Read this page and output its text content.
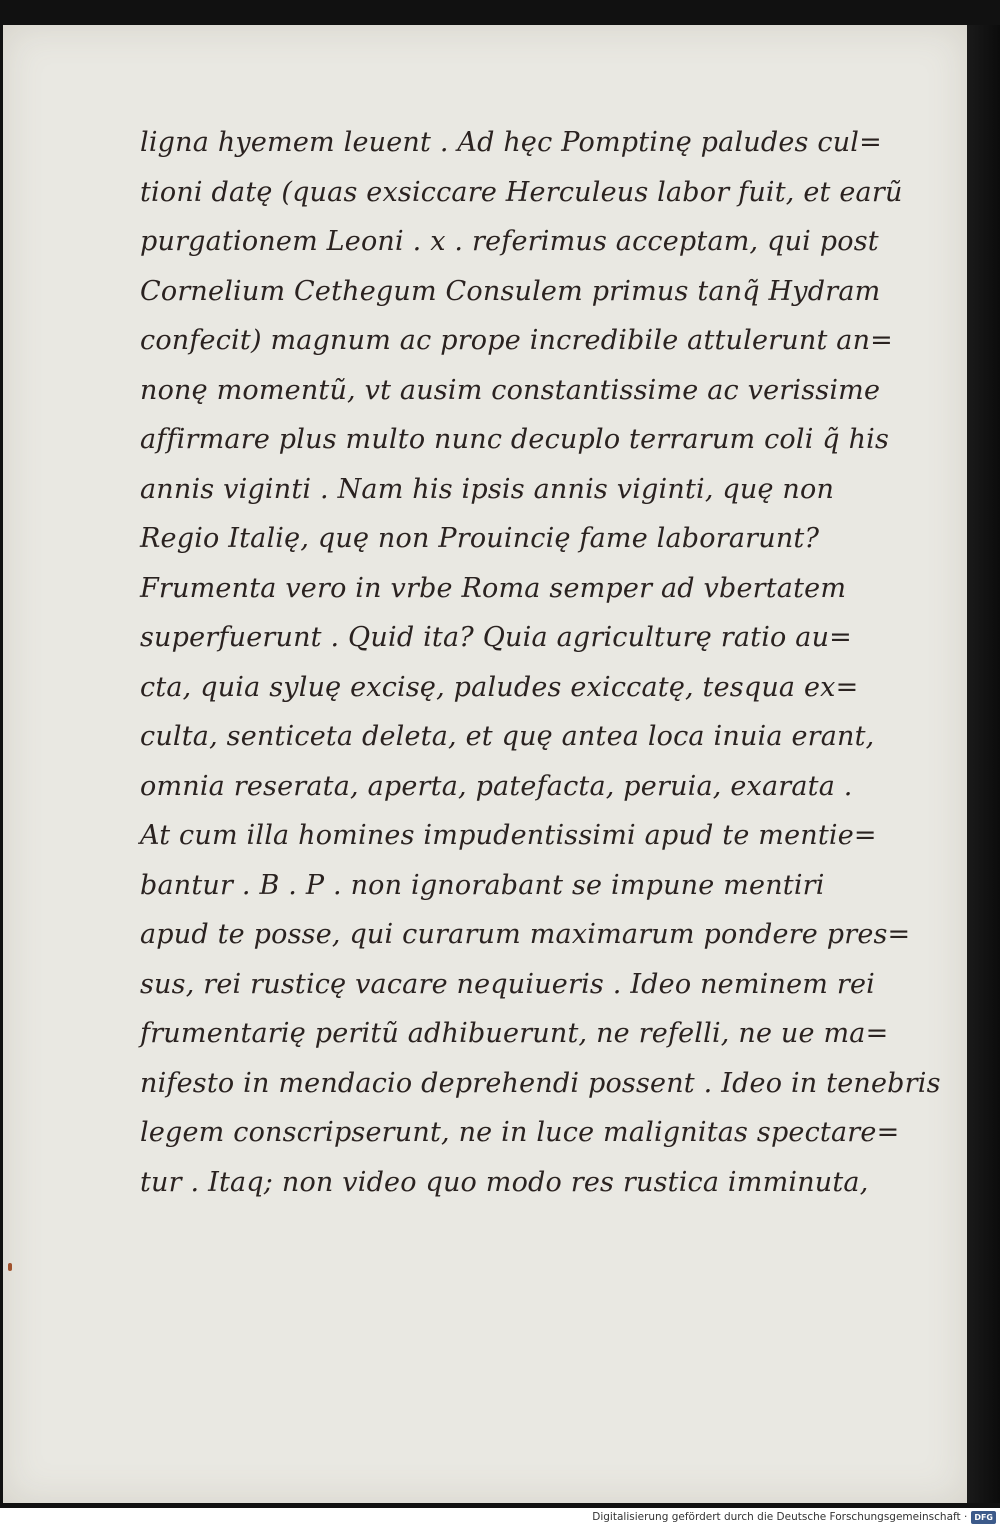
ligna hyemem leuent . Ad hęc Pomptinę paludes cul=
tioni datę (quas exsiccare Herculeus labor fuit, et earũ
purgationem Leoni . x . referimus acceptam, qui post
Cornelium Cethegum Consulem primus tanq̃ Hydram
confecit) magnum ac prope incredibile attulerunt an=
nonę momentũ, vt ausim constantissime ac verissime
affirmare plus multo nunc decuplo terrarum coli q̃ his
annis viginti . Nam his ipsis annis viginti, quę non
Regio Italię, quę non Prouincię fame laborarunt?
Frumenta vero in vrbe Roma semper ad vbertatem
superfuerunt . Quid ita? Quia agriculturę ratio au=
cta, quia syluę excisę, paludes exiccatę, tesqua ex=
culta, senticeta deleta, et quę antea loca inuia erant,
omnia reserata, aperta, patefacta, peruia, exarata .
At cum illa homines impudentissimi apud te mentie=
bantur . B . P . non ignorabant se impune mentiri
apud te posse, qui curarum maximarum pondere pres=
sus, rei rusticę vacare nequiueris . Ideo neminem rei
frumentarię peritũ adhibuerunt, ne refelli, ne ue ma=
nifesto in mendacio deprehendi possent . Ideo in tenebris
legem conscripserunt, ne in luce malignitas spectare=
tur . Itaq; non video quo modo res rustica imminuta,
Digitalisierung gefördert durch die Deutsche Forschungsgemeinschaft · DFG
